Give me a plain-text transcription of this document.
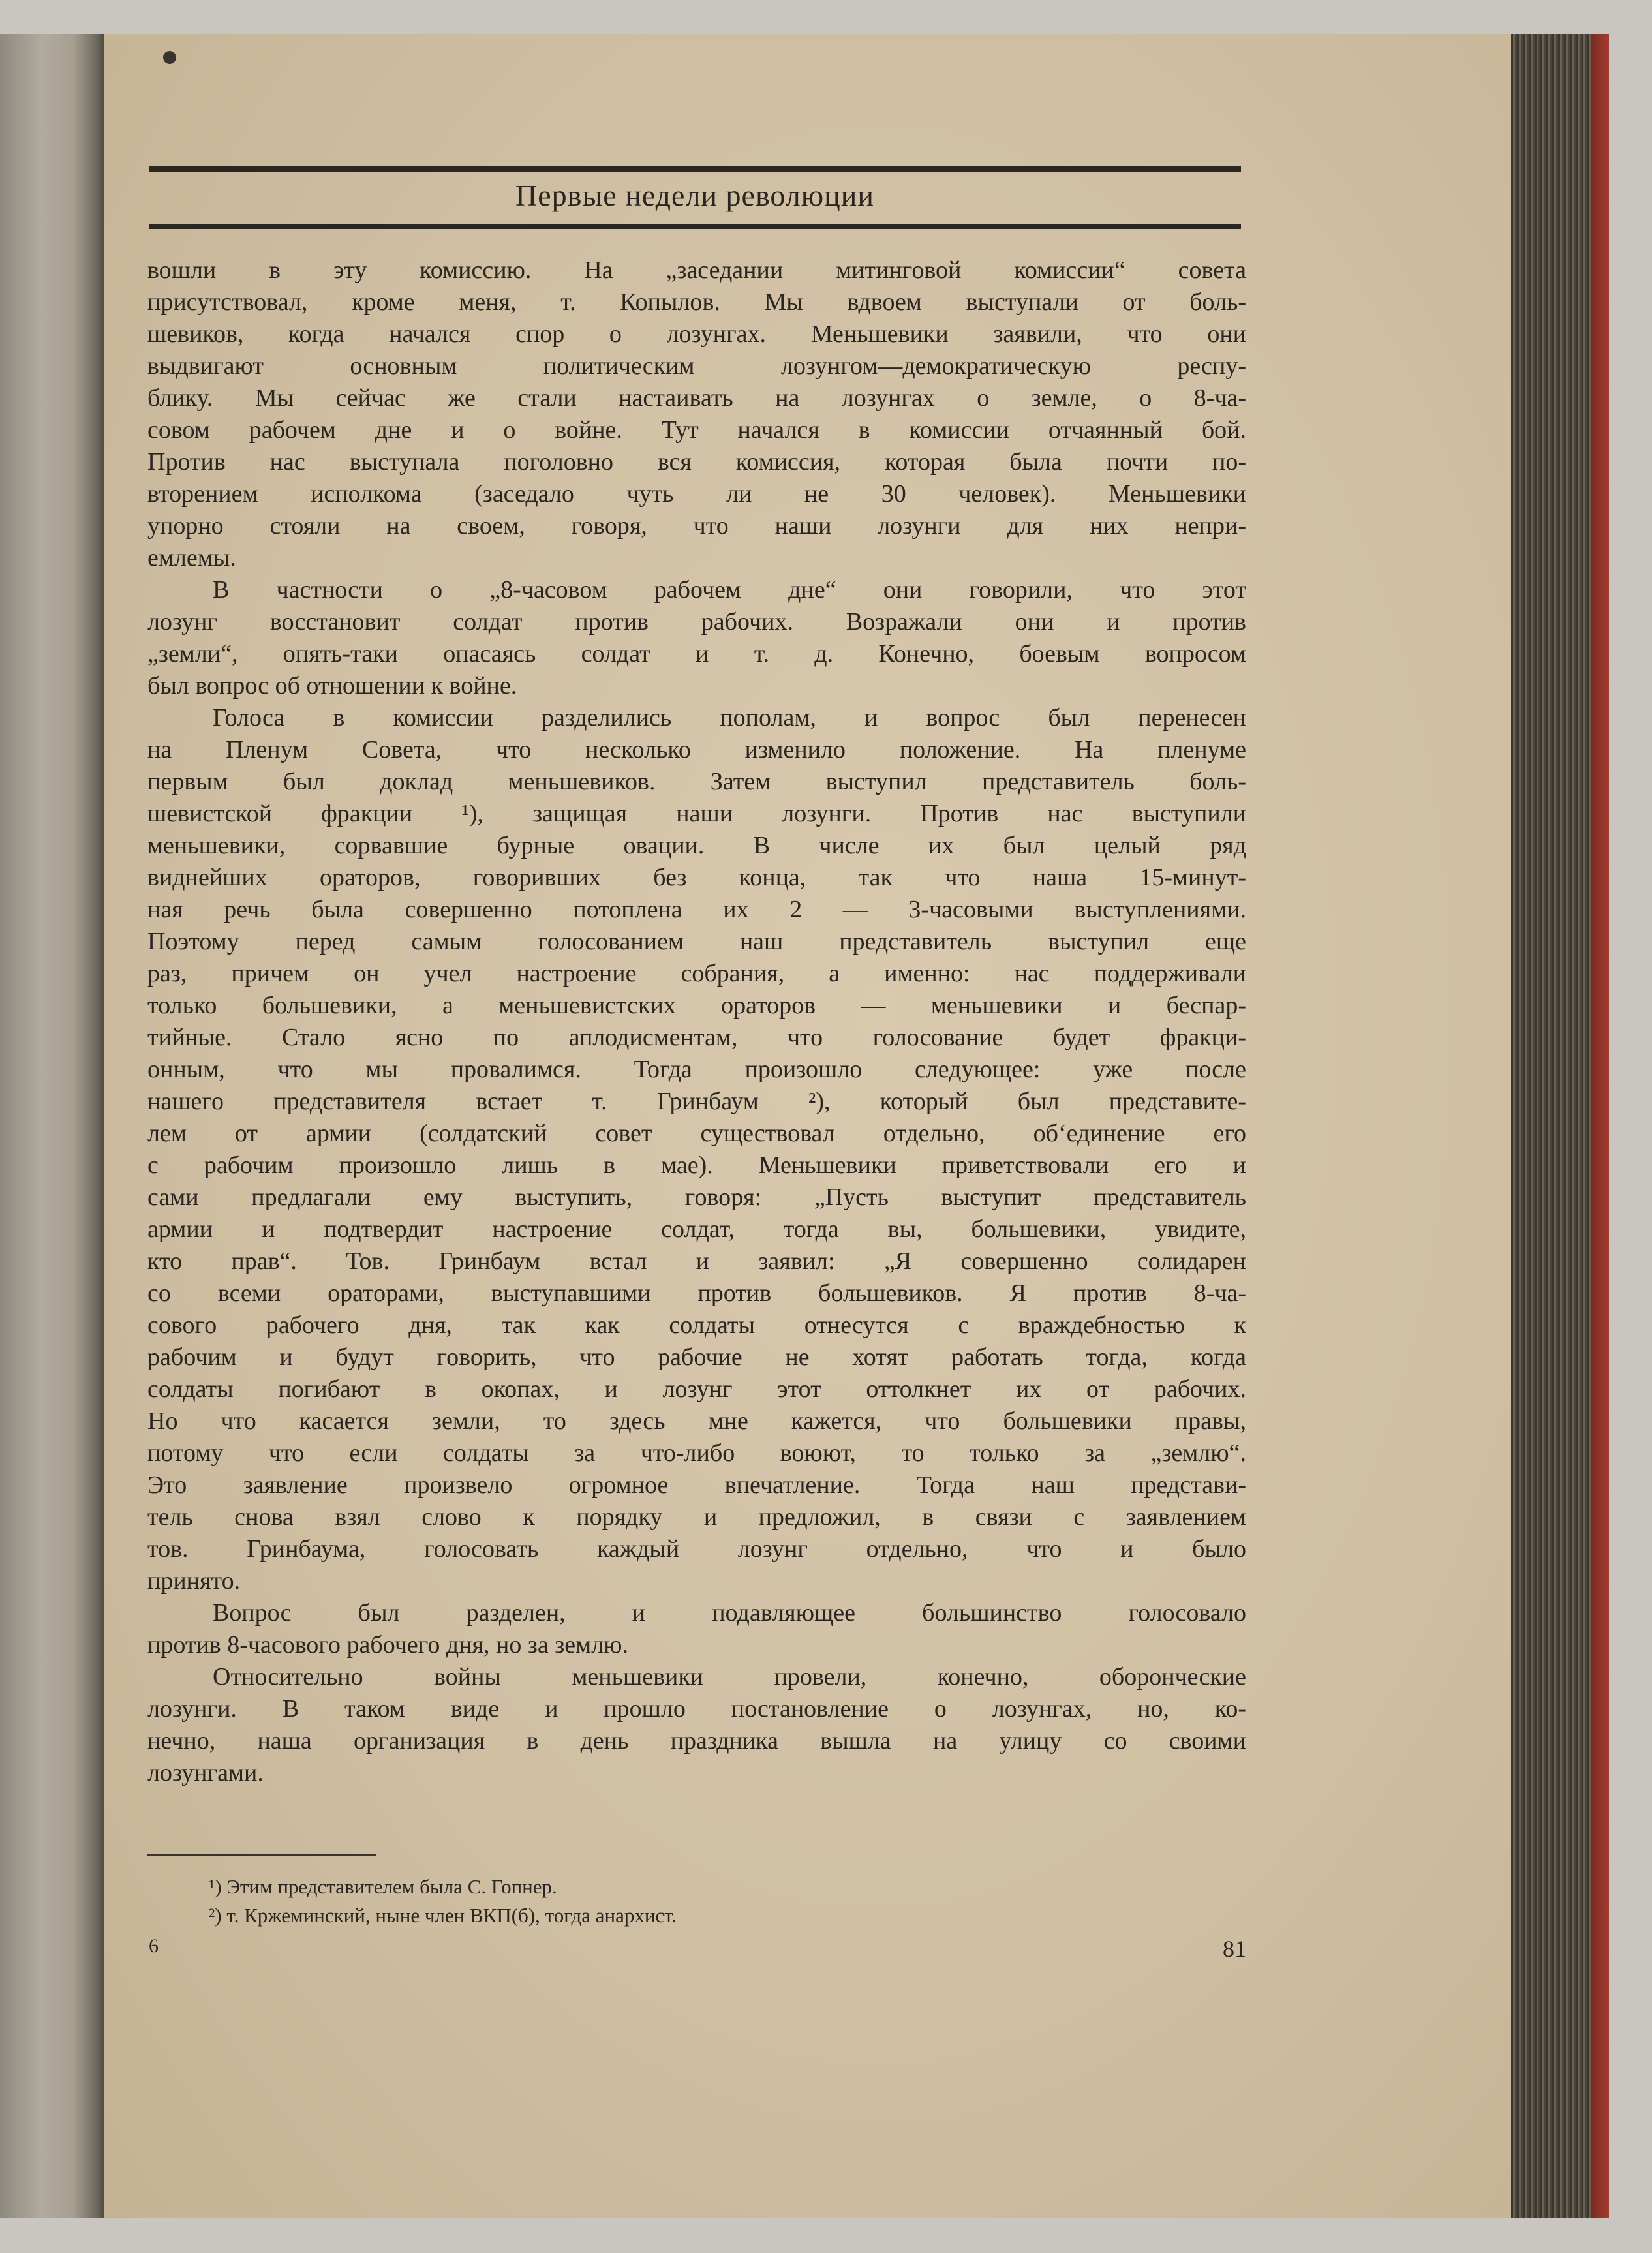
Первые недели революции
вошли в эту комиссию. На „заседании митинговой комиссии“ совета
присутствовал, кроме меня, т. Копылов. Мы вдвоем выступали от боль-
шевиков, когда начался спор о лозунгах. Меньшевики заявили, что они
выдвигают основным политическим лозунгом—демократическую респу-
блику. Мы сейчас же стали настаивать на лозунгах о земле, о 8-ча-
совом рабочем дне и о войне. Тут начался в комиссии отчаянный бой.
Против нас выступала поголовно вся комиссия, которая была почти по-
вторением исполкома (заседало чуть ли не 30 человек). Меньшевики
упорно стояли на своем, говоря, что наши лозунги для них непри-
емлемы.
В частности о „8-часовом рабочем дне“ они говорили, что этот
лозунг восстановит солдат против рабочих. Возражали они и против
„земли“, опять-таки опасаясь солдат и т. д. Конечно, боевым вопросом
был вопрос об отношении к войне.
Голоса в комиссии разделились пополам, и вопрос был перенесен
на Пленум Совета, что несколько изменило положение. На пленуме
первым был доклад меньшевиков. Затем выступил представитель боль-
шевистской фракции ¹), защищая наши лозунги. Против нас выступили
меньшевики, сорвавшие бурные овации. В числе их был целый ряд
виднейших ораторов, говоривших без конца, так что наша 15-минут-
ная речь была совершенно потоплена их 2 — 3-часовыми выступлениями.
Поэтому перед самым голосованием наш представитель выступил еще
раз, причем он учел настроение собрания, а именно: нас поддерживали
только большевики, а меньшевистских ораторов — меньшевики и беспар-
тийные. Стало ясно по аплодисментам, что голосование будет фракци-
онным, что мы провалимся. Тогда произошло следующее: уже после
нашего представителя встает т. Гринбаум ²), который был представите-
лем от армии (солдатский совет существовал отдельно, об‘единение его
с рабочим произошло лишь в мае). Меньшевики приветствовали его и
сами предлагали ему выступить, говоря: „Пусть выступит представитель
армии и подтвердит настроение солдат, тогда вы, большевики, увидите,
кто прав“. Тов. Гринбаум встал и заявил: „Я совершенно солидарен
со всеми ораторами, выступавшими против большевиков. Я против 8-ча-
сового рабочего дня, так как солдаты отнесутся с враждебностью к
рабочим и будут говорить, что рабочие не хотят работать тогда, когда
солдаты погибают в окопах, и лозунг этот оттолкнет их от рабочих.
Но что касается земли, то здесь мне кажется, что большевики правы,
потому что если солдаты за что-либо воюют, то только за „землю“.
Это заявление произвело огромное впечатление. Тогда наш представи-
тель снова взял слово к порядку и предложил, в связи с заявлением
тов. Гринбаума, голосовать каждый лозунг отдельно, что и было
принято.
Вопрос был разделен, и подавляющее большинство голосовало
против 8-часового рабочего дня, но за землю.
Относительно войны меньшевики провели, конечно, оборонческие
лозунги. В таком виде и прошло постановление о лозунгах, но, ко-
нечно, наша организация в день праздника вышла на улицу со своими
лозунгами.
¹) Этим представителем была С. Гопнер.
²) т. Кржеминский, ныне член ВКП(б), тогда анархист.
6	81
